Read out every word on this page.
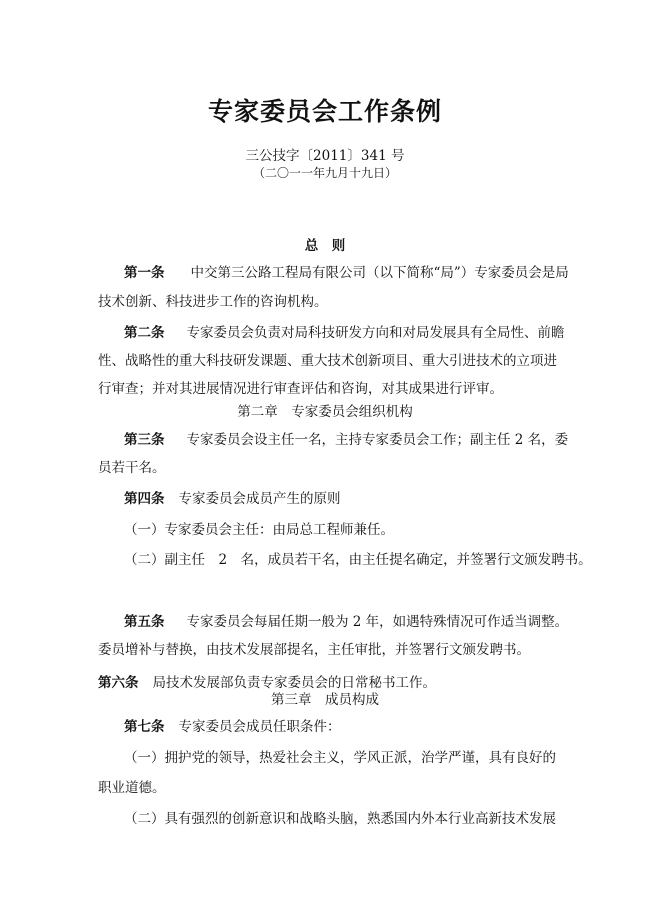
专家委员会工作条例
三公技字〔2011〕341 号
（二〇一一年九月十九日）
总　则
第一条 中交第三公路工程局有限公司（以下简称“局”）专家委员会是局
技术创新、科技进步工作的咨询机构。
第二条 专家委员会负责对局科技研发方向和对局发展具有全局性、前瞻
性、战略性的重大科技研发课题、重大技术创新项目、重大引进技术的立项进
行审查；并对其进展情况进行审查评估和咨询，对其成果进行评审。
第二章　专家委员会组织机构
第三条 专家委员会设主任一名，主持专家委员会工作；副主任 2 名，委
员若干名。
第四条 专家委员会成员产生的原则
（一）专家委员会主任：由局总工程师兼任。
（二）副主任　2　名，成员若干名，由主任提名确定，并签署行文颁发聘书。
第五条 专家委员会每届任期一般为 2 年，如遇特殊情况可作适当调整。
委员增补与替换，由技术发展部提名，主任审批，并签署行文颁发聘书。
第六条 局技术发展部负责专家委员会的日常秘书工作。
第三章　成员构成
第七条 专家委员会成员任职条件：
（一）拥护党的领导，热爱社会主义，学风正派，治学严谨，具有良好的
职业道德。
（二）具有强烈的创新意识和战略头脑，熟悉国内外本行业高新技术发展
